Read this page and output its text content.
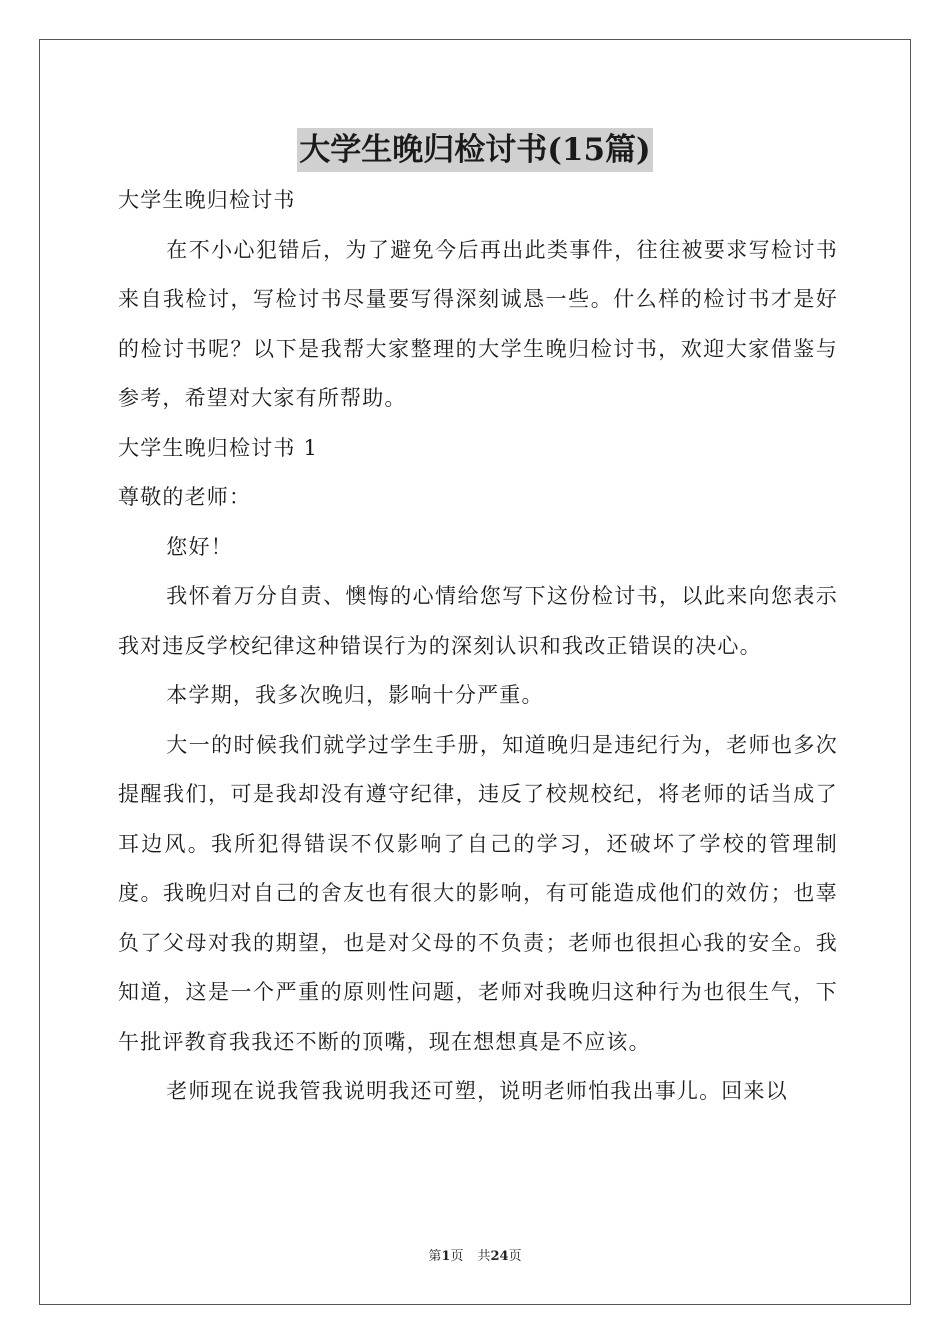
大学生晚归检讨书(15篇)

大学生晚归检讨书

在不小心犯错后，为了避免今后再出此类事件，往往被要求写检讨书来自我检讨，写检讨书尽量要写得深刻诚恳一些。什么样的检讨书才是好的检讨书呢？以下是我帮大家整理的大学生晚归检讨书，欢迎大家借鉴与参考，希望对大家有所帮助。

大学生晚归检讨书 1

尊敬的老师：

您好！

我怀着万分自责、懊悔的心情给您写下这份检讨书，以此来向您表示我对违反学校纪律这种错误行为的深刻认识和我改正错误的决心。

本学期，我多次晚归，影响十分严重。

大一的时候我们就学过学生手册，知道晚归是违纪行为，老师也多次提醒我们，可是我却没有遵守纪律，违反了校规校纪，将老师的话当成了耳边风。我所犯得错误不仅影响了自己的学习，还破坏了学校的管理制度。我晚归对自己的舍友也有很大的影响，有可能造成他们的效仿；也辜负了父母对我的期望，也是对父母的不负责；老师也很担心我的安全。我知道，这是一个严重的原则性问题，老师对我晚归这种行为也很生气，下午批评教育我我还不断的顶嘴，现在想想真是不应该。

老师现在说我管我说明我还可塑，说明老师怕我出事儿。回来以

第1页 共24页
